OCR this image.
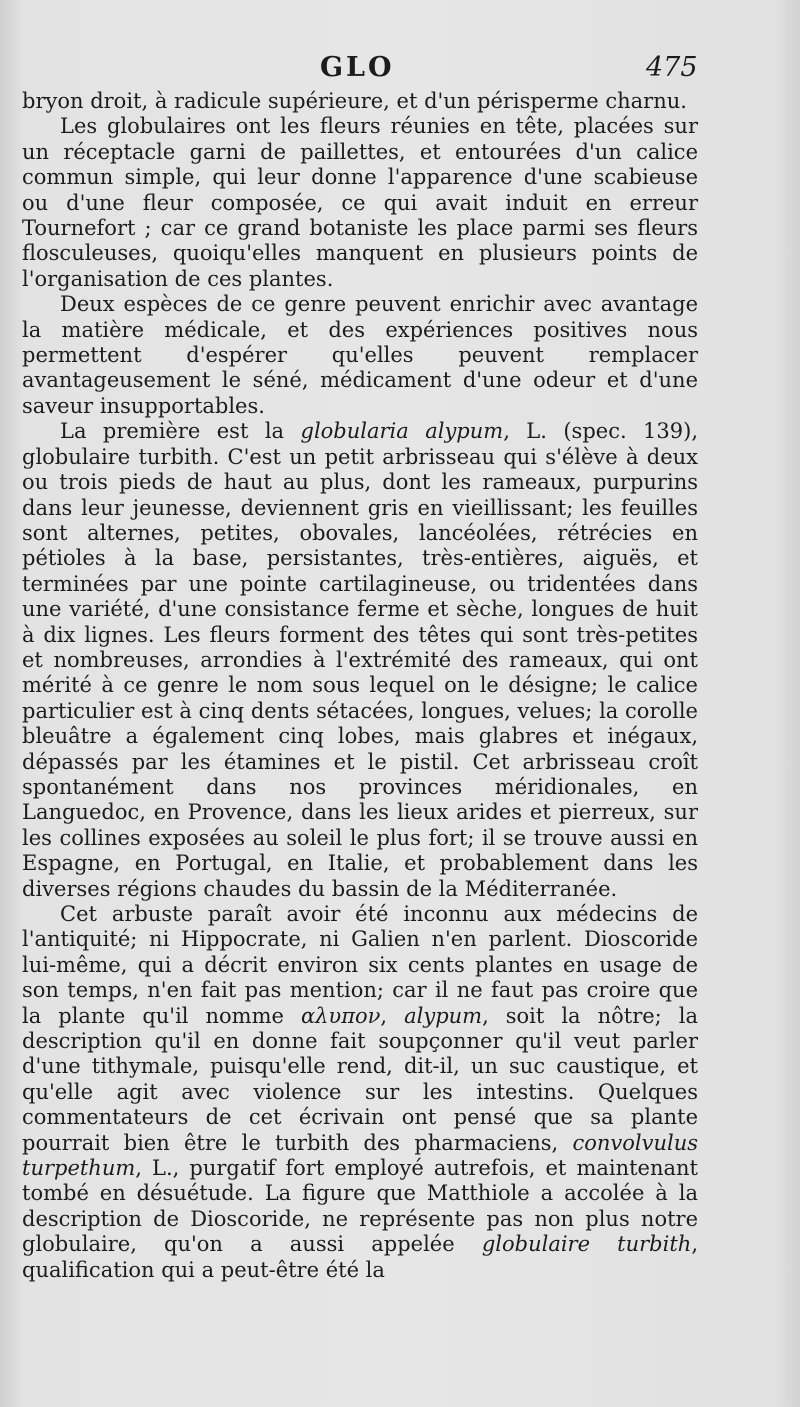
GLO	475

bryon droit, à radicule supérieure, et d'un périsperme charnu.

Les globulaires ont les fleurs réunies en tête, placées sur un réceptacle garni de paillettes, et entourées d'un calice commun simple, qui leur donne l'apparence d'une scabieuse ou d'une fleur composée, ce qui avait induit en erreur Tournefort ; car ce grand botaniste les place parmi ses fleurs flosculeuses, quoiqu'elles manquent en plusieurs points de l'organisation de ces plantes.

Deux espèces de ce genre peuvent enrichir avec avantage la matière médicale, et des expériences positives nous permettent d'espérer qu'elles peuvent remplacer avantageusement le séné, médicament d'une odeur et d'une saveur insupportables.

La première est la globularia alypum, L. (spec. 139), globulaire turbith. C'est un petit arbrisseau qui s'élève à deux ou trois pieds de haut au plus, dont les rameaux, purpurins dans leur jeunesse, deviennent gris en vieillissant; les feuilles sont alternes, petites, obovales, lancéolées, rétrécies en pétioles à la base, persistantes, très-entières, aiguës, et terminées par une pointe cartilagineuse, ou tridentées dans une variété, d'une consistance ferme et sèche, longues de huit à dix lignes. Les fleurs forment des têtes qui sont très-petites et nombreuses, arrondies à l'extrémité des rameaux, qui ont mérité à ce genre le nom sous lequel on le désigne; le calice particulier est à cinq dents sétacées, longues, velues; la corolle bleuâtre a également cinq lobes, mais glabres et inégaux, dépassés par les étamines et le pistil. Cet arbrisseau croît spontanément dans nos provinces méridionales, en Languedoc, en Provence, dans les lieux arides et pierreux, sur les collines exposées au soleil le plus fort; il se trouve aussi en Espagne, en Portugal, en Italie, et probablement dans les diverses régions chaudes du bassin de la Méditerranée.

Cet arbuste paraît avoir été inconnu aux médecins de l'antiquité; ni Hippocrate, ni Galien n'en parlent. Dioscoride lui-même, qui a décrit environ six cents plantes en usage de son temps, n'en fait pas mention; car il ne faut pas croire que la plante qu'il nomme αλυπον, alypum, soit la nôtre; la description qu'il en donne fait soupçonner qu'il veut parler d'une tithymale, puisqu'elle rend, dit-il, un suc caustique, et qu'elle agit avec violence sur les intestins. Quelques commentateurs de cet écrivain ont pensé que sa plante pourrait bien être le turbith des pharmaciens, convolvulus turpethum, L., purgatif fort employé autrefois, et maintenant tombé en désuétude. La figure que Matthiole a accolée à la description de Dioscoride, ne représente pas non plus notre globulaire, qu'on a aussi appelée globulaire turbith, qualification qui a peut-être été la
